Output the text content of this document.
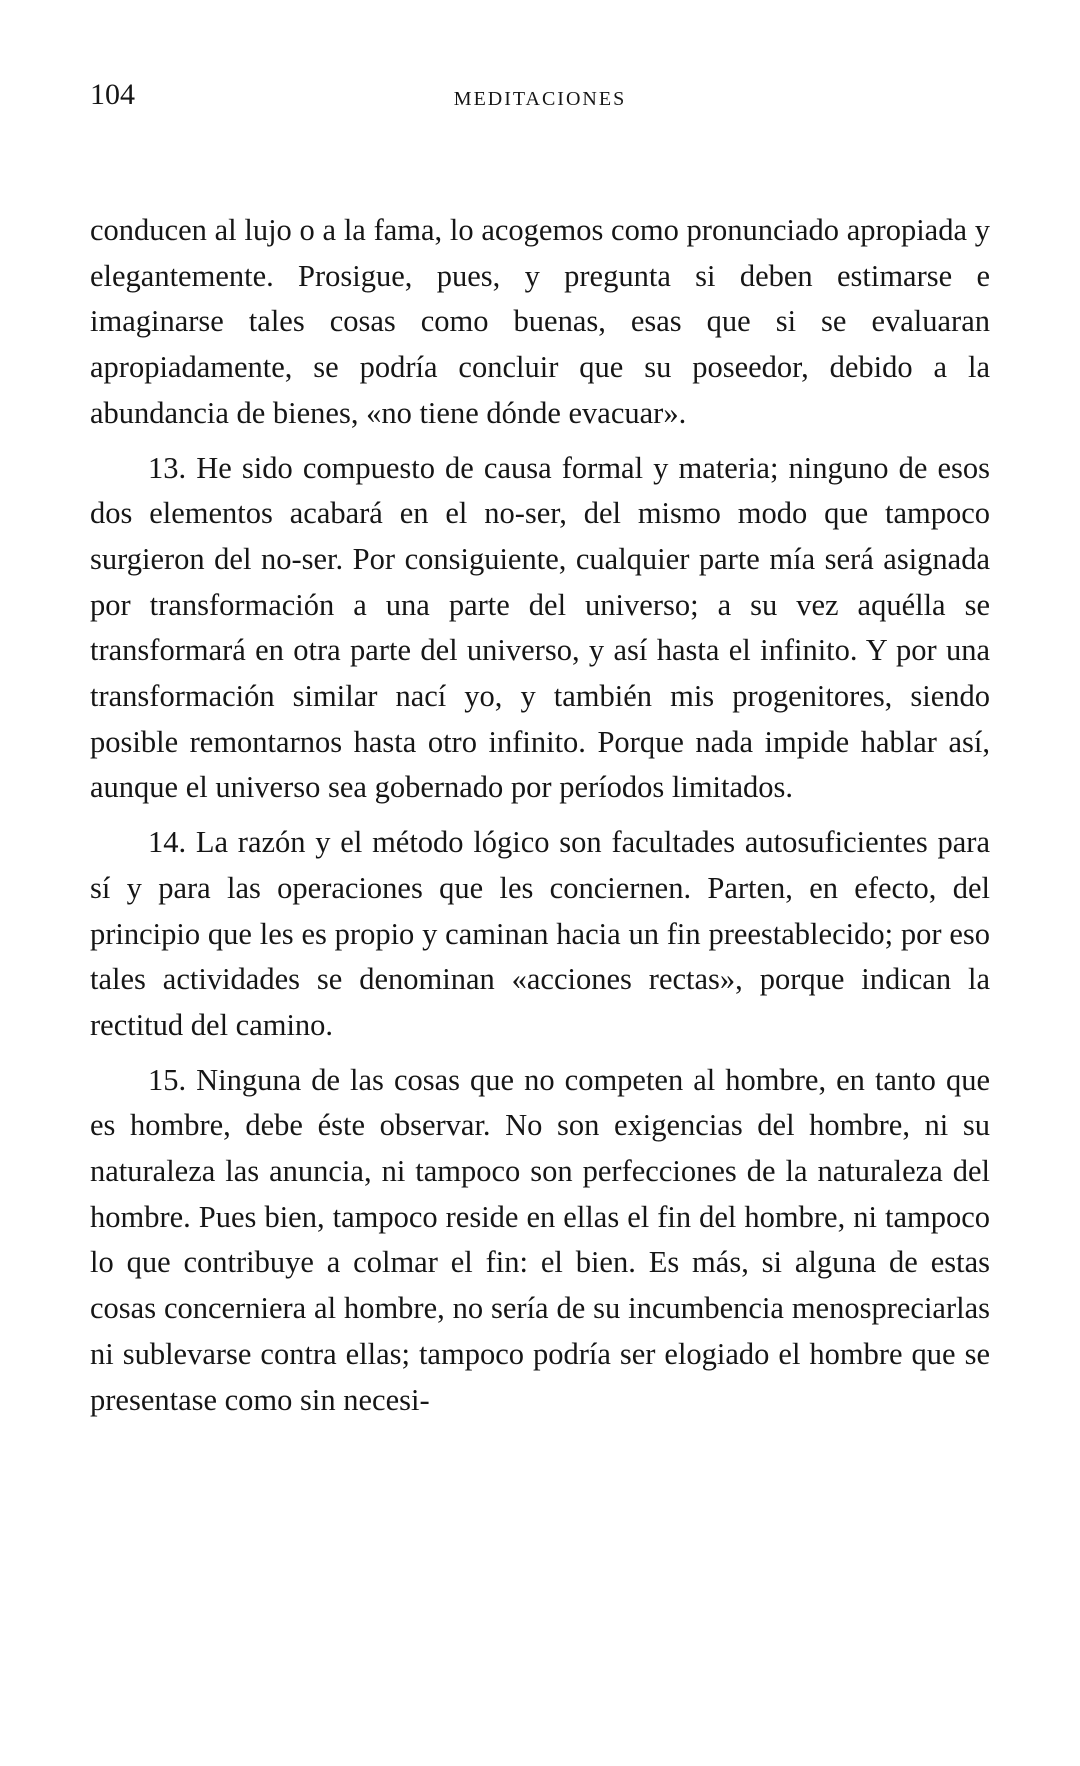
104	MEDITACIONES

conducen al lujo o a la fama, lo acogemos como pronunciado apropiada y elegantemente. Prosigue, pues, y pregunta si deben estimarse e imaginarse tales cosas como buenas, esas que si se evaluaran apropiadamente, se podría concluir que su poseedor, debido a la abundancia de bienes, «no tiene dónde evacuar».

13. He sido compuesto de causa formal y materia; ninguno de esos dos elementos acabará en el no-ser, del mismo modo que tampoco surgieron del no-ser. Por consiguiente, cualquier parte mía será asignada por transformación a una parte del universo; a su vez aquélla se transformará en otra parte del universo, y así hasta el infinito. Y por una transformación similar nací yo, y también mis progenitores, siendo posible remontarnos hasta otro infinito. Porque nada impide hablar así, aunque el universo sea gobernado por períodos limitados.

14. La razón y el método lógico son facultades autosuficientes para sí y para las operaciones que les conciernen. Parten, en efecto, del principio que les es propio y caminan hacia un fin preestablecido; por eso tales actividades se denominan «acciones rectas», porque indican la rectitud del camino.

15. Ninguna de las cosas que no competen al hombre, en tanto que es hombre, debe éste observar. No son exigencias del hombre, ni su naturaleza las anuncia, ni tampoco son perfecciones de la naturaleza del hombre. Pues bien, tampoco reside en ellas el fin del hombre, ni tampoco lo que contribuye a colmar el fin: el bien. Es más, si alguna de estas cosas concerniera al hombre, no sería de su incumbencia menospreciarlas ni sublevarse contra ellas; tampoco podría ser elogiado el hombre que se presentase como sin necesi-
